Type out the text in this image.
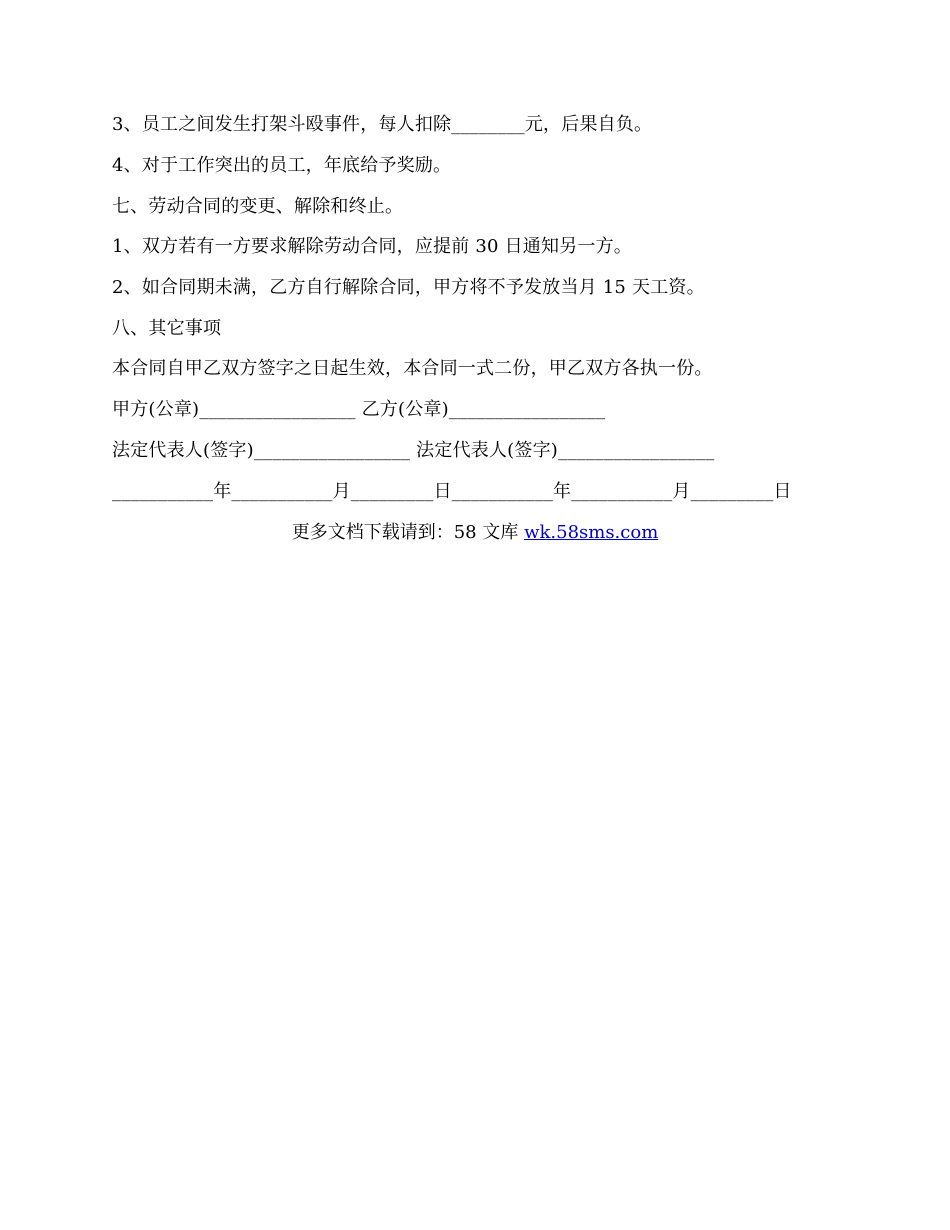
3、员工之间发生打架斗殴事件，每人扣除________元，后果自负。
4、对于工作突出的员工，年底给予奖励。
七、劳动合同的变更、解除和终止。
1、双方若有一方要求解除劳动合同，应提前 30 日通知另一方。
2、如合同期未满，乙方自行解除合同，甲方将不予发放当月 15 天工资。
八、其它事项
本合同自甲乙双方签字之日起生效，本合同一式二份，甲乙双方各执一份。
甲方(公章)_________________ 乙方(公章)_________________
法定代表人(签字)_________________ 法定代表人(签字)_________________
___________年___________月_________日___________年___________月_________日
更多文档下载请到：58 文库 wk.58sms.com
